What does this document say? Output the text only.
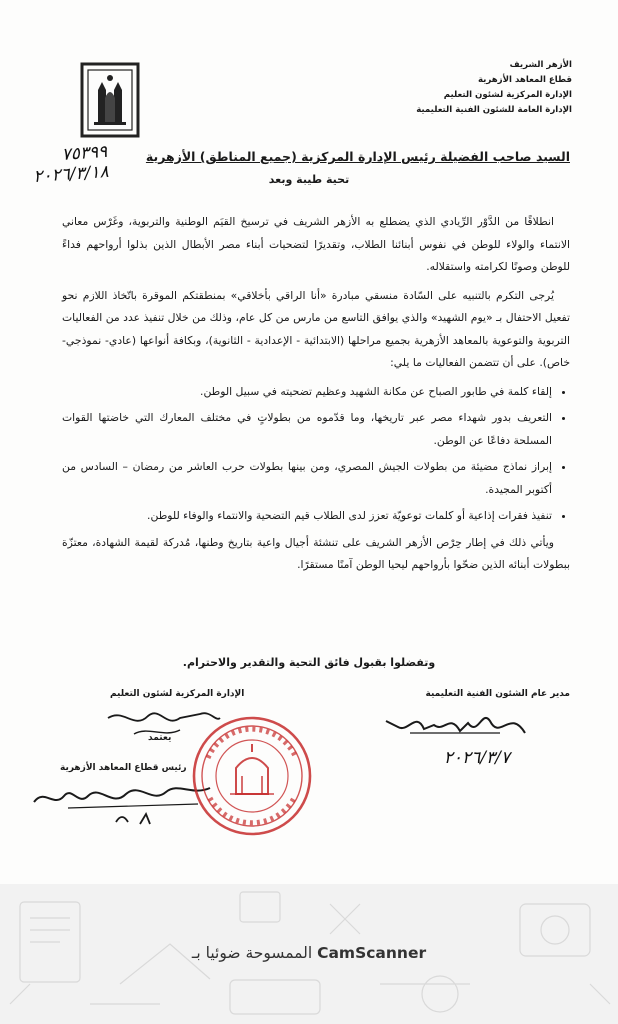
الأزهر الشريف
قطاع المعاهد الأزهرية
الإدارة المركزية لشئون التعليم
الإدارة العامة للشئون الفنية التعليمية
٧٥٣٩٩
٢٠٢٦/٣/١٨
السيد صاحب الفضيلة رئيس الإدارة المركزية (جميع المناطق) الأزهرية
تحية طيبة وبعد

انطلاقًا من الدَّوْر الرِّيادي الذي يضطلع به الأزهر الشريف في ترسيخ القيَم الوطنية والتربوية، وغَرْس معاني الانتماء والولاء للوطن في نفوس أبنائنا الطلاب، وتقديرًا لتضحيات أبناء مصر الأبطال الذين بذلوا أرواحهم فداءً للوطن وصونًا لكرامته واستقلاله.

يُرجى التكرم بالتنبيه على السّادة منسقي مبادرة «أنا الراقي بأخلاقي» بمنطقتكم الموقرة باتّخاذ اللازم نحو تفعيل الاحتفال بـ «يوم الشهيد» والذي يوافق التاسع من مارس من كل عام، وذلك من خلال تنفيذ عدد من الفعاليات التربوية والتوعوية بالمعاهد الأزهرية بجميع مراحلها (الابتدائية - الإعدادية - الثانوية)، وبكافة أنواعها (عادي- نموذجي- خاص). على أن تتضمن الفعاليات ما يلي:

• إلقاء كلمة في طابور الصباح عن مكانة الشهيد وعظيم تضحيته في سبيل الوطن.
• التعريف بدور شهداء مصر عبر تاريخها، وما قدّموه من بطولاتٍ في مختلف المعارك التي خاضتها القوات المسلحة دفاعًا عن الوطن.
• إبراز نماذج مضيئة من بطولات الجيش المصري، ومن بينها بطولات حرب العاشر من رمضان – السادس من أكتوبر المجيدة.
• تنفيذ فقرات إذاعية أو كلمات توعويّة تعزز لدى الطلاب قيم التضحية والانتماء والوفاء للوطن.

ويأتي ذلك في إطار حِرْص الأزهر الشريف على تنشئة أجيال واعية بتاريخ وطنها، مُدركة لقيمة الشهادة، معتزّة ببطولات أبنائه الذين ضحّوا بأرواحهم ليحيا الوطن آمنًا مستقرًا.

وتفضلوا بقبول فائق التحية والتقدير والاحترام.
مدير عام الشئون الفنية التعليمية
٢٠٢٦/٣/٧
الإدارة المركزية لشئون التعليم
يعتمد
رئيس قطاع المعاهد الأزهرية
الممسوحة ضوئيا بـ CamScanner
